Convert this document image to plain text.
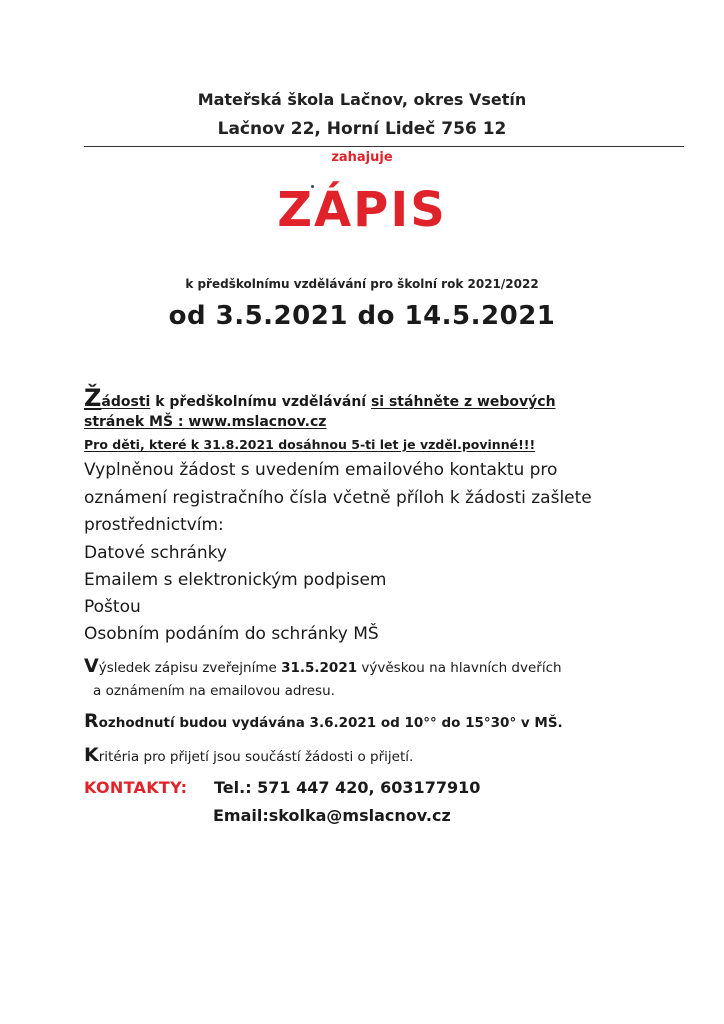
Mateřská škola Lačnov, okres Vsetín
Lačnov 22, Horní Lideč 756 12
zahajuje
ZÁPIS
k předškolnímu vzdělávání pro školní rok 2021/2022
od 3.5.2021 do 14.5.2021
Žádosti k předškolnímu vzdělávání si stáhněte z webových
stránek MŠ : www.mslacnov.cz
Pro děti, které k 31.8.2021 dosáhnou 5-ti let je vzděl.povinné!!!
Vyplněnou žádost s uvedením emailového kontaktu pro
oznámení registračního čísla včetně příloh k žádosti zašlete
prostřednictvím:
Datové schránky
Emailem s elektronickým podpisem
Poštou
Osobním podáním do schránky MŠ
Výsledek zápisu zveřejníme 31.5.2021 vývěskou na hlavních dveřích
a oznámením na emailovou adresu.
Rozhodnutí budou vydávána 3.6.2021 od 10°° do 15°30° v MŠ.
Kritéria pro přijetí jsou součástí žádosti o přijetí.
KONTAKTY: Tel.: 571 447 420, 603177910
Email:skolka@mslacnov.cz
